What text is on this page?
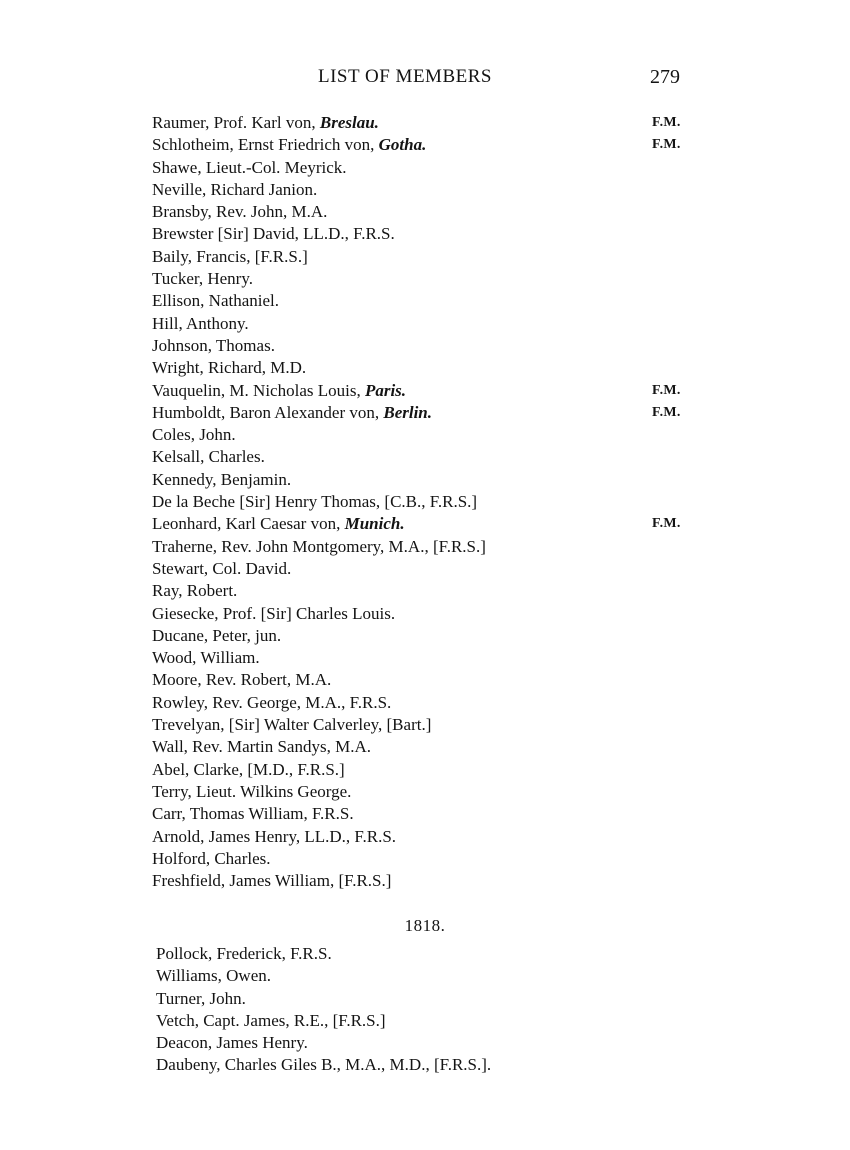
LIST OF MEMBERS	279
Raumer, Prof. Karl von, Breslau.	F.M.
Schlotheim, Ernst Friedrich von, Gotha.	F.M.
Shawe, Lieut.-Col. Meyrick.
Neville, Richard Janion.
Bransby, Rev. John, M.A.
Brewster [Sir] David, LL.D., F.R.S.
Baily, Francis, [F.R.S.]
Tucker, Henry.
Ellison, Nathaniel.
Hill, Anthony.
Johnson, Thomas.
Wright, Richard, M.D.
Vauquelin, M. Nicholas Louis, Paris.	F.M.
Humboldt, Baron Alexander von, Berlin.	F.M.
Coles, John.
Kelsall, Charles.
Kennedy, Benjamin.
De la Beche [Sir] Henry Thomas, [C.B., F.R.S.]
Leonhard, Karl Caesar von, Munich.	F.M.
Traherne, Rev. John Montgomery, M.A., [F.R.S.]
Stewart, Col. David.
Ray, Robert.
Giesecke, Prof. [Sir] Charles Louis.
Ducane, Peter, jun.
Wood, William.
Moore, Rev. Robert, M.A.
Rowley, Rev. George, M.A., F.R.S.
Trevelyan, [Sir] Walter Calverley, [Bart.]
Wall, Rev. Martin Sandys, M.A.
Abel, Clarke, [M.D., F.R.S.]
Terry, Lieut. Wilkins George.
Carr, Thomas William, F.R.S.
Arnold, James Henry, LL.D., F.R.S.
Holford, Charles.
Freshfield, James William, [F.R.S.]
1818.
Pollock, Frederick, F.R.S.
Williams, Owen.
Turner, John.
Vetch, Capt. James, R.E., [F.R.S.]
Deacon, James Henry.
Daubeny, Charles Giles B., M.A., M.D., [F.R.S.].
